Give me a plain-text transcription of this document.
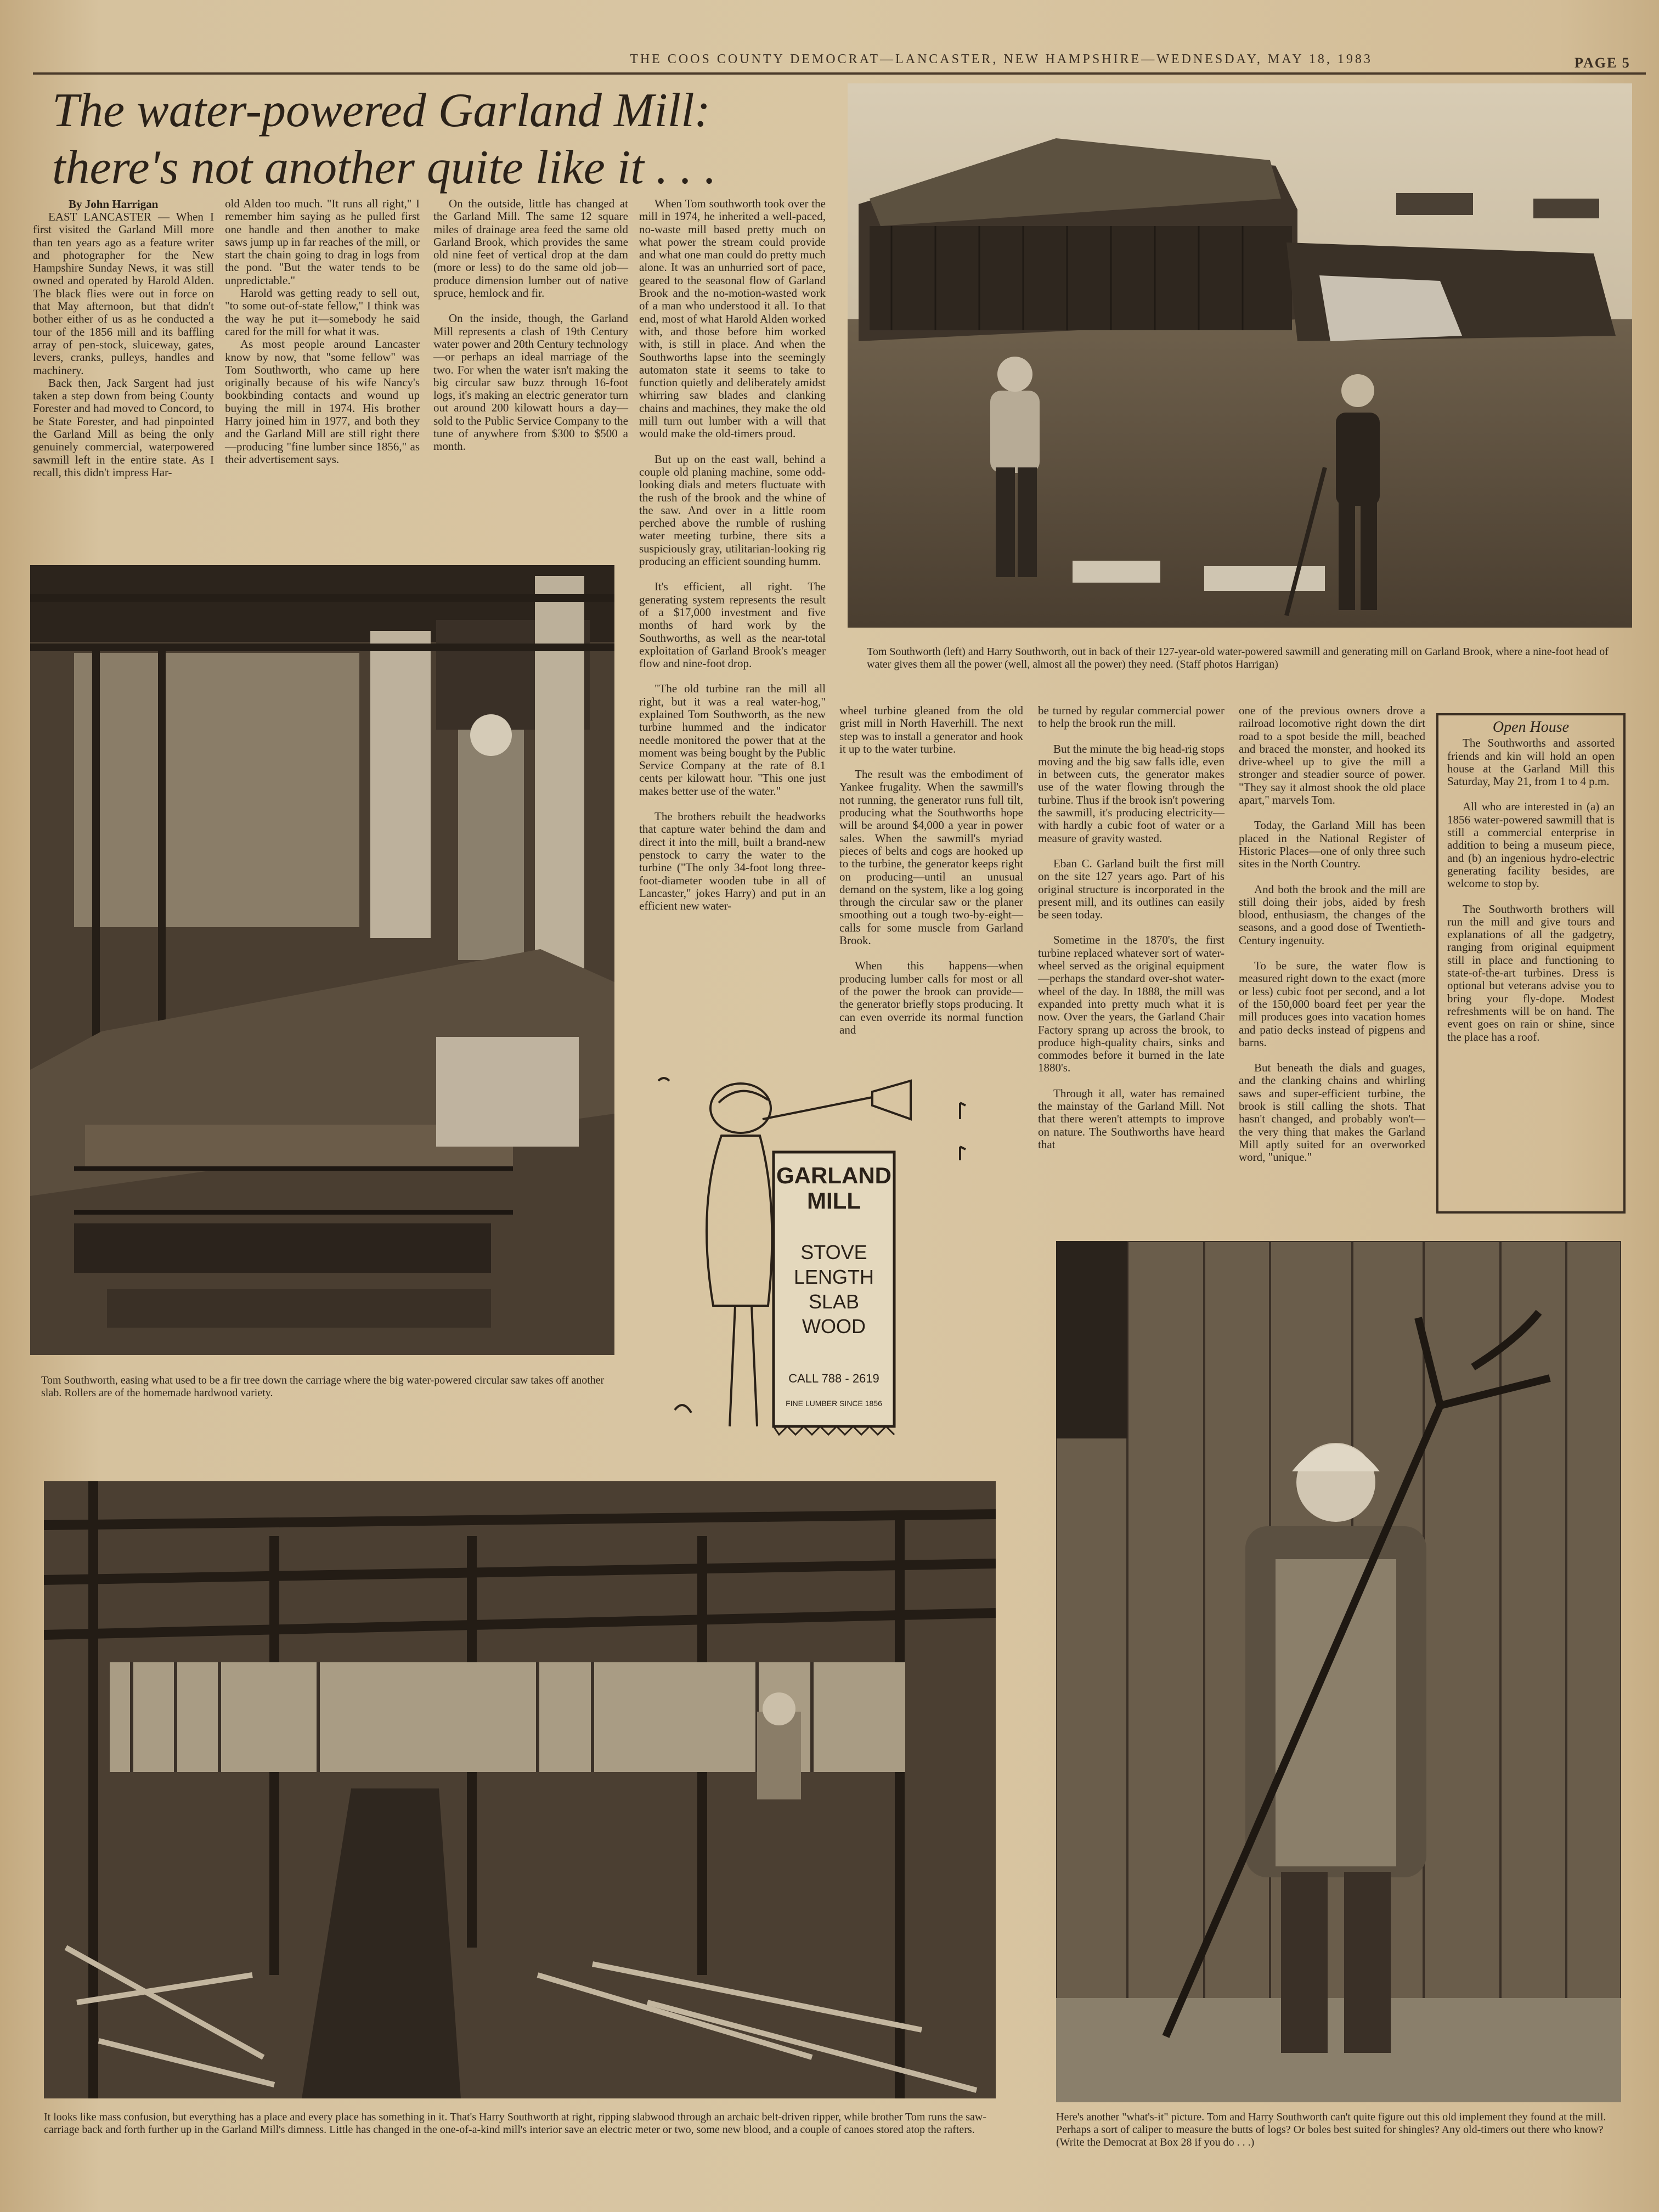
THE COOS COUNTY DEMOCRAT—LANCASTER, NEW HAMPSHIRE—WEDNESDAY, MAY 18, 1983	PAGE 5
The water-powered Garland Mill:
there's not another quite like it . . .
By John Harrigan

EAST LANCASTER — When I first visited the Garland Mill more than ten years ago as a feature writer and photographer for the New Hampshire Sunday News, it was still owned and operated by Harold Alden. The black flies were out in force on that May afternoon, but that didn't bother either of us as he conducted a tour of the 1856 mill and its baffling array of pen-stock, sluiceway, gates, levers, cranks, pulleys, handles and machinery.

Back then, Jack Sargent had just taken a step down from being County Forester and had moved to Concord, to be State Forester, and had pinpointed the Garland Mill as being the only genuinely commercial, waterpowered sawmill left in the entire state. As I recall, this didn't impress Har-

old Alden too much. "It runs all right," I remember him saying as he pulled first one handle and then another to make saws jump up in far reaches of the mill, or start the chain going to drag in logs from the pond. "But the water tends to be unpredictable."

Harold was getting ready to sell out, "to some out-of-state fellow," I think was the way he put it—somebody he said cared for the mill for what it was.

As most people around Lancaster know by now, that "some fellow" was Tom Southworth, who came up here originally because of his wife Nancy's bookbinding contacts and wound up buying the mill in 1974. His brother Harry joined him in 1977, and both they and the Garland Mill are still right there—producing "fine lumber since 1856," as their advertisement says.

On the outside, little has changed at the Garland Mill. The same 12 square miles of drainage area feed the same old Garland Brook, which provides the same old nine feet of vertical drop at the dam (more or less) to do the same old job—produce dimension lumber out of native spruce, hemlock and fir.

On the inside, though, the Garland Mill represents a clash of 19th Century water power and 20th Century technology—or perhaps an ideal marriage of the two. For when the water isn't making the big circular saw buzz through 16-foot logs, it's making an electric generator turn out around 200 kilowatt hours a day—sold to the Public Service Company to the tune of anywhere from $300 to $500 a month.

When Tom southworth took over the mill in 1974, he inherited a well-paced, no-waste mill based pretty much on what power the stream could provide and what one man could do pretty much alone. It was an unhurried sort of pace, geared to the seasonal flow of Garland Brook and the no-motion-wasted work of a man who understood it all. To that end, most of what Harold Alden worked with, and those before him worked with, is still in place. And when the Southworths lapse into the seemingly automaton state it seems to take to function quietly and deliberately amidst whirring saw blades and clanking chains and machines, they make the old mill turn out lumber with a will that would make the old-timers proud.

But up on the east wall, behind a couple old planing machine, some odd-looking dials and meters fluctuate with the rush of the brook and the whine of the saw. And over in a little room perched above the rumble of rushing water meeting turbine, there sits a suspiciously gray, utilitarian-looking rig producing an efficient sounding humm.

It's efficient, all right. The generating system represents the result of a $17,000 investment and five months of hard work by the Southworths, as well as the near-total exploitation of Garland Brook's meager flow and nine-foot drop.

"The old turbine ran the mill all right, but it was a real water-hog," explained Tom Southworth, as the new turbine hummed and the indicator needle monitored the power that at the moment was being bought by the Public Service Company at the rate of 8.1 cents per kilowatt hour. "This one just makes better use of the water."

The brothers rebuilt the headworks that capture water behind the dam and direct it into the mill, built a brand-new penstock to carry the water to the turbine ("The only 34-foot long three-foot-diameter wooden tube in all of Lancaster," jokes Harry) and put in an efficient new water-

wheel turbine gleaned from the old grist mill in North Haverhill. The next step was to install a generator and hook it up to the water turbine.

The result was the embodiment of Yankee frugality. When the sawmill's not running, the generator runs full tilt, producing what the Southworths hope will be around $4,000 a year in power sales. When the sawmill's myriad pieces of belts and cogs are hooked up to the turbine, the generator keeps right on producing—until an unusual demand on the system, like a log going through the circular saw or the planer smoothing out a tough two-by-eight—calls for some muscle from Garland Brook.

When this happens—when producing lumber calls for most or all of the power the brook can provide—the generator briefly stops producing. It can even override its normal function and

be turned by regular commercial power to help the brook run the mill.

But the minute the big head-rig stops moving and the big saw falls idle, even in between cuts, the generator makes use of the water flowing through the turbine. Thus if the brook isn't powering the sawmill, it's producing electricity—with hardly a cubic foot of water or a measure of gravity wasted.

Eban C. Garland built the first mill on the site 127 years ago. Part of his original structure is incorporated in the present mill, and its outlines can easily be seen today.

Sometime in the 1870's, the first turbine replaced whatever sort of water-wheel served as the original equipment—perhaps the standard over-shot water-wheel of the day. In 1888, the mill was expanded into pretty much what it is now. Over the years, the Garland Chair Factory sprang up across the brook, to produce high-quality chairs, sinks and commodes before it burned in the late 1880's.

Through it all, water has remained the mainstay of the Garland Mill. Not that there weren't attempts to improve on nature. The Southworths have heard that

one of the previous owners drove a railroad locomotive right down the dirt road to a spot beside the mill, beached and braced the monster, and hooked its drive-wheel up to give the mill a stronger and steadier source of power. "They say it almost shook the old place apart," marvels Tom.

Today, the Garland Mill has been placed in the National Register of Historic Places—one of only three such sites in the North Country.

And both the brook and the mill are still doing their jobs, aided by fresh blood, enthusiasm, the changes of the seasons, and a good dose of Twentieth-Century ingenuity.

To be sure, the water flow is measured right down to the exact (more or less) cubic foot per second, and a lot of the 150,000 board feet per year the mill produces goes into vacation homes and patio decks instead of pigpens and barns.

But beneath the dials and guages, and the clanking chains and whirling saws and super-efficient turbine, the brook is still calling the shots. That hasn't changed, and probably won't—the very thing that makes the Garland Mill aptly suited for an overworked word, "unique."

Open House

The Southworths and assorted friends and kin will hold an open house at the Garland Mill this Saturday, May 21, from 1 to 4 p.m.

All who are interested in (a) an 1856 water-powered sawmill that is still a commercial enterprise in addition to being a museum piece, and (b) an ingenious hydro-electric generating facility besides, are welcome to stop by.

The Southworth brothers will run the mill and give tours and explanations of all the gadgetry, ranging from original equipment still in place and functioning to state-of-the-art turbines. Dress is optional but veterans advise you to bring your fly-dope. Modest refreshments will be on hand. The event goes on rain or shine, since the place has a roof.

Tom Southworth (left) and Harry Southworth, out in back of their 127-year-old water-powered sawmill and generating mill on Garland Brook, where a nine-foot head of water gives them all the power (well, almost all the power) they need. (Staff photos Harrigan)
Tom Southworth, easing what used to be a fir tree down the carriage where the big water-powered circular saw takes off another slab. Rollers are of the homemade hardwood variety.
GARLAND
MILL
STOVE
LENGTH
SLAB
WOOD
CALL 788 - 2619
FINE LUMBER SINCE 1856
It looks like mass confusion, but everything has a place and every place has something in it. That's Harry Southworth at right, ripping slabwood through an archaic belt-driven ripper, while brother Tom runs the saw-carriage back and forth further up in the Garland Mill's dimness. Little has changed in the one-of-a-kind mill's interior save an electric meter or two, some new blood, and a couple of canoes stored atop the rafters.
Here's another "what's-it" picture. Tom and Harry Southworth can't quite figure out this old implement they found at the mill. Perhaps a sort of caliper to measure the butts of logs? Or boles best suited for shingles? Any old-timers out there who know? (Write the Democrat at Box 28 if you do . . .)
